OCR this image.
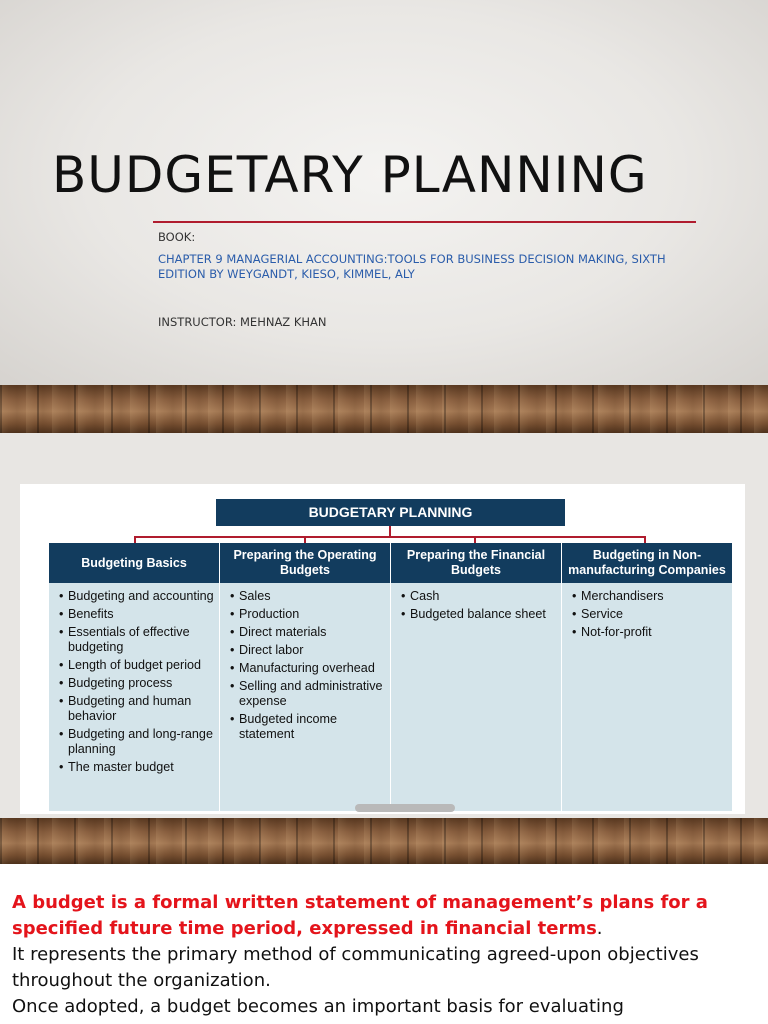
BUDGETARY PLANNING
BOOK:
CHAPTER 9 MANAGERIAL ACCOUNTING:TOOLS FOR BUSINESS DECISION MAKING, SIXTH
EDITION BY WEYGANDT, KIESO, KIMMEL, ALY
INSTRUCTOR: MEHNAZ KHAN
BUDGETARY PLANNING
Budgeting Basics
• Budgeting and accounting
• Benefits
• Essentials of effective budgeting
• Length of budget period
• Budgeting process
• Budgeting and human behavior
• Budgeting and long-range planning
• The master budget
Preparing the Operating Budgets
• Sales
• Production
• Direct materials
• Direct labor
• Manufacturing overhead
• Selling and administrative expense
• Budgeted income statement
Preparing the Financial Budgets
• Cash
• Budgeted balance sheet
Budgeting in Non-manufacturing Companies
• Merchandisers
• Service
• Not-for-profit

A budget is a formal written statement of management’s plans for a specified future time period, expressed in financial terms.

It represents the primary method of communicating agreed-upon objectives throughout the organization.

Once adopted, a budget becomes an important basis for evaluating
